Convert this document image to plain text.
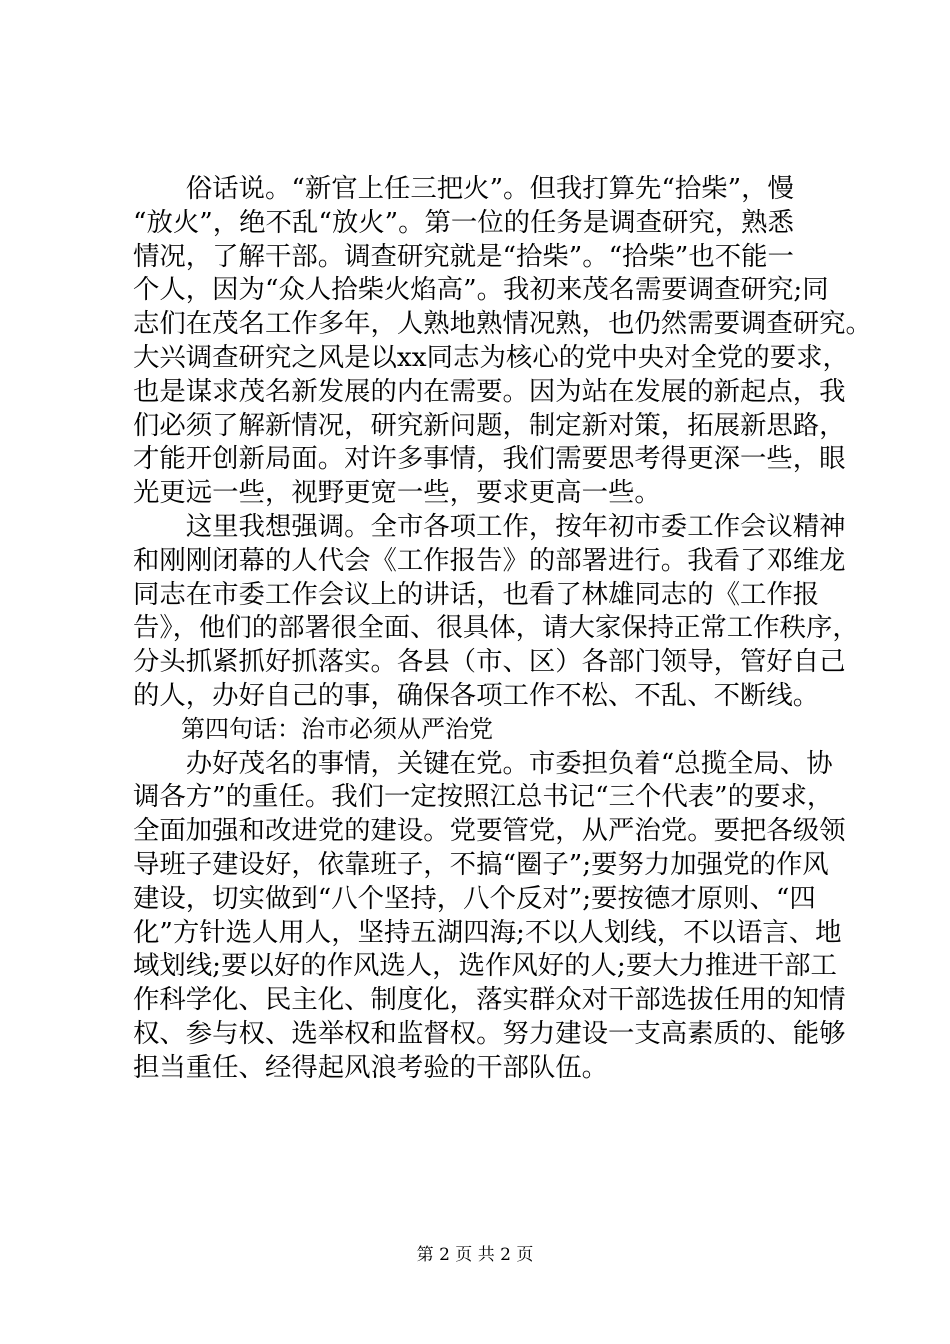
　　俗话说。“新官上任三把火”。但我打算先“拾柴”，慢
“放火”，绝不乱“放火”。第一位的任务是调查研究，熟悉
情况，了解干部。调查研究就是“拾柴”。“拾柴”也不能一
个人，因为“众人拾柴火焰高”。我初来茂名需要调查研究;同
志们在茂名工作多年，人熟地熟情况熟，也仍然需要调查研究。
大兴调查研究之风是以xx同志为核心的党中央对全党的要求，
也是谋求茂名新发展的内在需要。因为站在发展的新起点，我
们必须了解新情况，研究新问题，制定新对策，拓展新思路，
才能开创新局面。对许多事情，我们需要思考得更深一些，眼
光更远一些，视野更宽一些，要求更高一些。
　　这里我想强调。全市各项工作，按年初市委工作会议精神
和刚刚闭幕的人代会《工作报告》的部署进行。我看了邓维龙
同志在市委工作会议上的讲话，也看了林雄同志的《工作报
告》，他们的部署很全面、很具体，请大家保持正常工作秩序，
分头抓紧抓好抓落实。各县（市、区）各部门领导，管好自己
的人，办好自己的事，确保各项工作不松、不乱、不断线。
　　第四句话：治市必须从严治党
　　办好茂名的事情，关键在党。市委担负着“总揽全局、协
调各方”的重任。我们一定按照江总书记“三个代表”的要求，
全面加强和改进党的建设。党要管党，从严治党。要把各级领
导班子建设好，依靠班子，不搞“圈子”;要努力加强党的作风
建设，切实做到“八个坚持，八个反对”;要按德才原则、“四
化”方针选人用人，坚持五湖四海;不以人划线，不以语言、地
域划线;要以好的作风选人，选作风好的人;要大力推进干部工
作科学化、民主化、制度化，落实群众对干部选拔任用的知情
权、参与权、选举权和监督权。努力建设一支高素质的、能够
担当重任、经得起风浪考验的干部队伍。
第 2 页 共 2 页
